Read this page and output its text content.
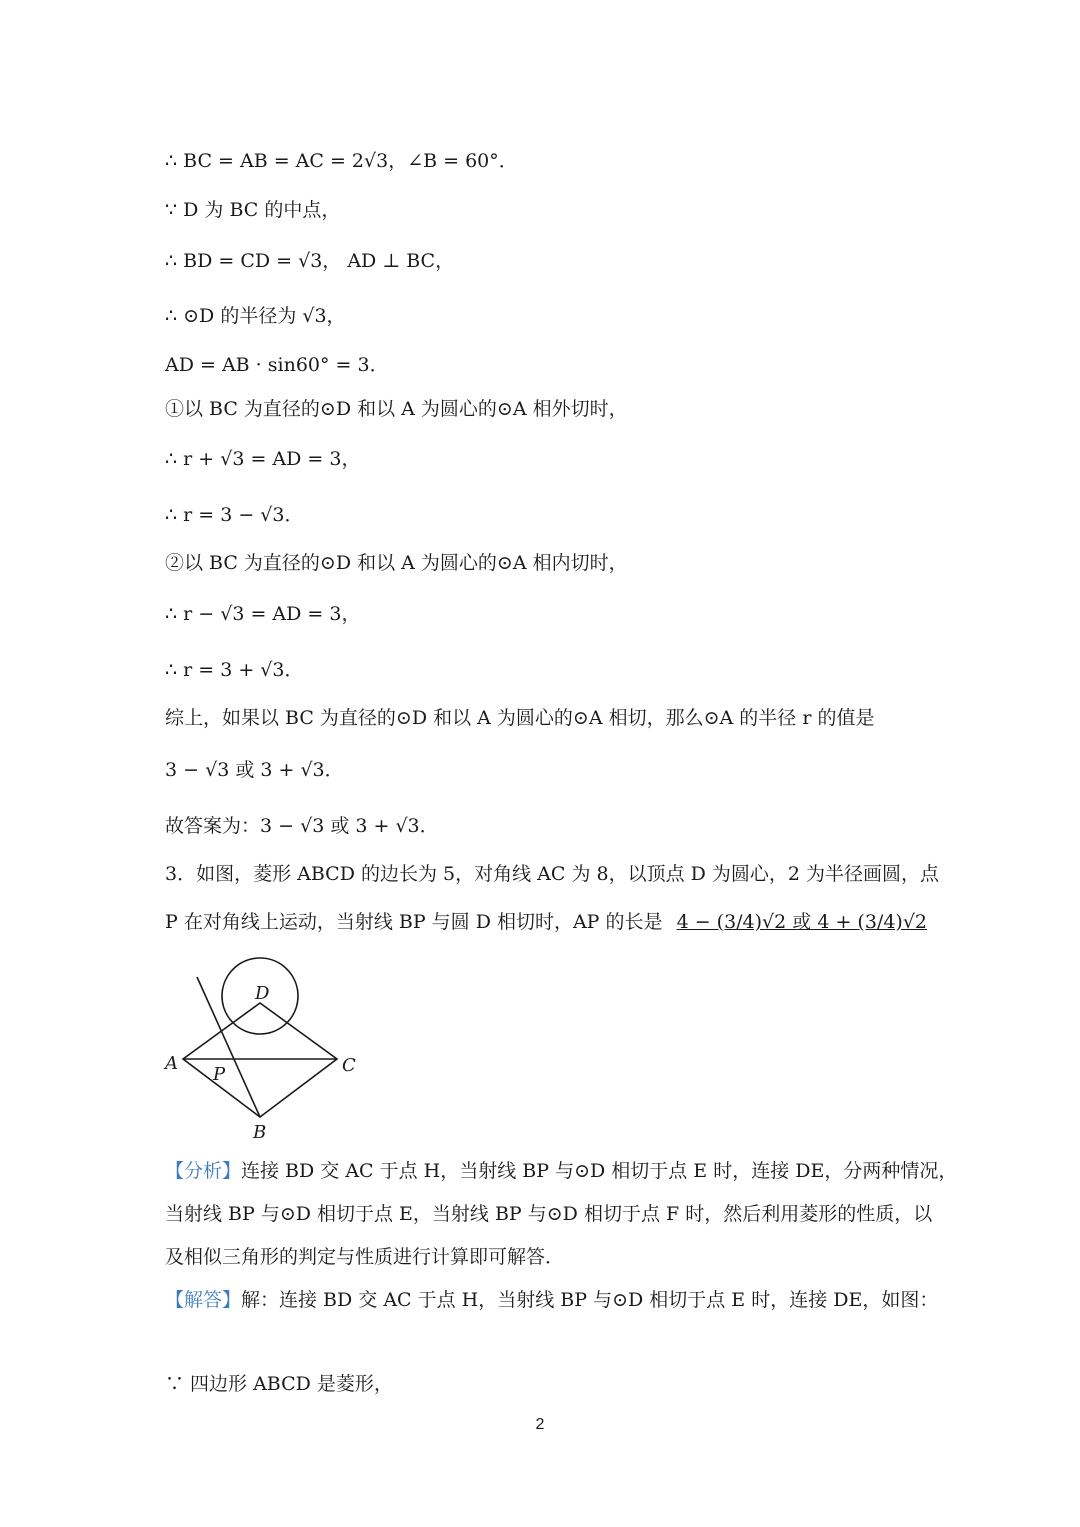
∴ BC = AB = AC = 2√3，∠B = 60°．
∵ D 为 BC 的中点，
∴ BD = CD = √3， AD ⊥ BC，
∴ ⊙D 的半径为 √3，
AD = AB · sin60° = 3．
①以 BC 为直径的⊙D 和以 A 为圆心的⊙A 相外切时，
∴ r + √3 = AD = 3，
∴ r = 3 − √3．
②以 BC 为直径的⊙D 和以 A 为圆心的⊙A 相内切时，
∴ r − √3 = AD = 3，
∴ r = 3 + √3．
综上，如果以 BC 为直径的⊙D 和以 A 为圆心的⊙A 相切，那么⊙A 的半径 r 的值是
3 − √3 或 3 + √3．
故答案为：3 − √3 或 3 + √3．
3．如图，菱形 ABCD 的边长为 5，对角线 AC 为 8，以顶点 D 为圆心，2 为半径画圆，点
P 在对角线上运动，当射线 BP 与圆 D 相切时，AP 的长是 4 − (3/4)√2 或 4 + (3/4)√2
D
A	C
P
B
【分析】连接 BD 交 AC 于点 H，当射线 BP 与⊙D 相切于点 E 时，连接 DE，分两种情况，
当射线 BP 与⊙D 相切于点 E，当射线 BP 与⊙D 相切于点 F 时，然后利用菱形的性质，以
及相似三角形的判定与性质进行计算即可解答．
【解答】解：连接 BD 交 AC 于点 H，当射线 BP 与⊙D 相切于点 E 时，连接 DE，如图：
∵ 四边形 ABCD 是菱形，
2
